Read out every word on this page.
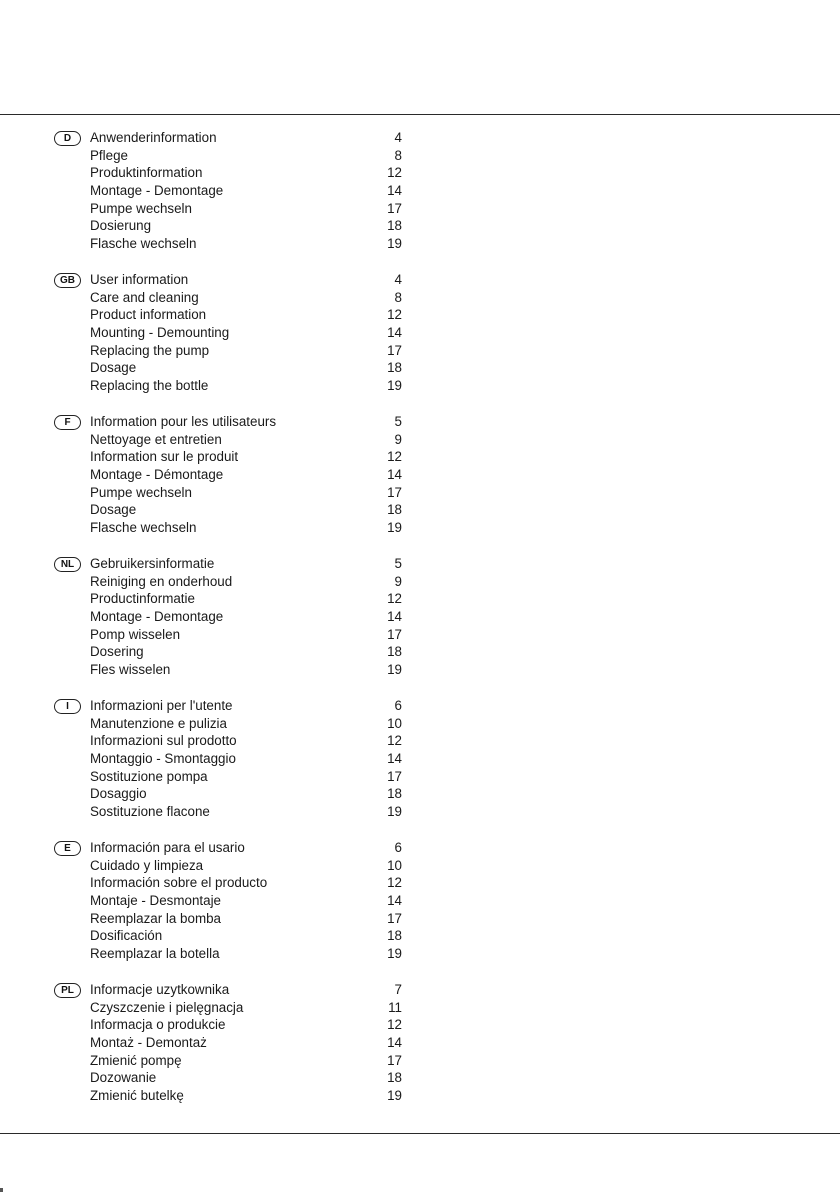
D	Anwenderinformation	4
Pflege	8
Produktinformation	12
Montage - Demontage	14
Pumpe wechseln	17
Dosierung	18
Flasche wechseln	19
GB	User information	4
Care and cleaning	8
Product information	12
Mounting - Demounting	14
Replacing the pump	17
Dosage	18
Replacing the bottle	19
F	Information pour les utilisateurs	5
Nettoyage et entretien	9
Information sur le produit	12
Montage - Démontage	14
Pumpe wechseln	17
Dosage	18
Flasche wechseln	19
NL	Gebruikersinformatie	5
Reiniging en onderhoud	9
Productinformatie	12
Montage - Demontage	14
Pomp wisselen	17
Dosering	18
Fles wisselen	19
I	Informazioni per l'utente	6
Manutenzione e pulizia	10
Informazioni sul prodotto	12
Montaggio - Smontaggio	14
Sostituzione pompa	17
Dosaggio	18
Sostituzione flacone	19
E	Información para el usario	6
Cuidado y limpieza	10
Información sobre el producto	12
Montaje - Desmontaje	14
Reemplazar la bomba	17
Dosificación	18
Reemplazar la botella	19
PL	Informacje uzytkownika	7
Czyszczenie i pielęgnacja	11
Informacja o produkcie	12
Montaż - Demontaż	14
Zmienić pompę	17
Dozowanie	18
Zmienić butelkę	19
